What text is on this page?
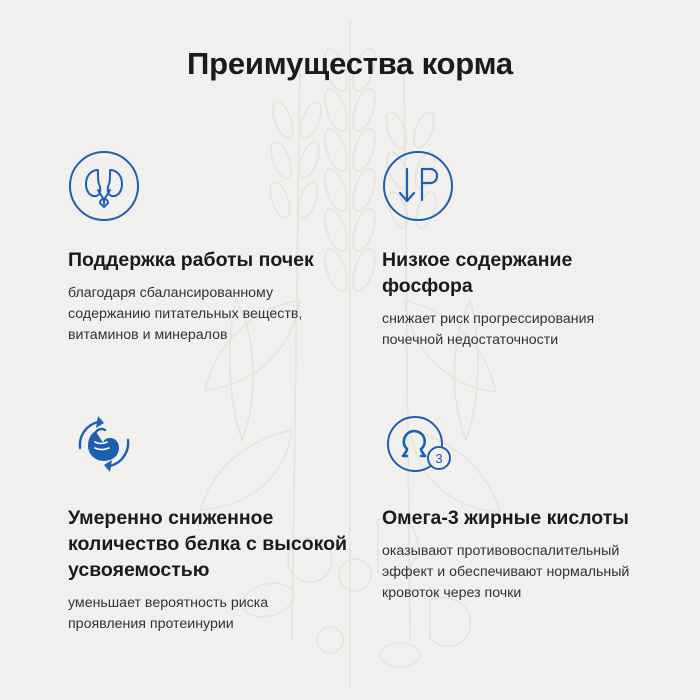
Преимущества корма
Поддержка работы почек
благодаря сбалансированному содержанию питательных веществ, витаминов и минералов
Низкое содержание фосфора
снижает риск прогрессирования почечной недостаточности
Умеренно сниженное количество белка с высокой усвояемостью
уменьшает вероятность риска проявления протеинурии
3
Омега-3 жирные кислоты
оказывают противовоспалительный эффект и обеспечивают нормальный кровоток через почки
